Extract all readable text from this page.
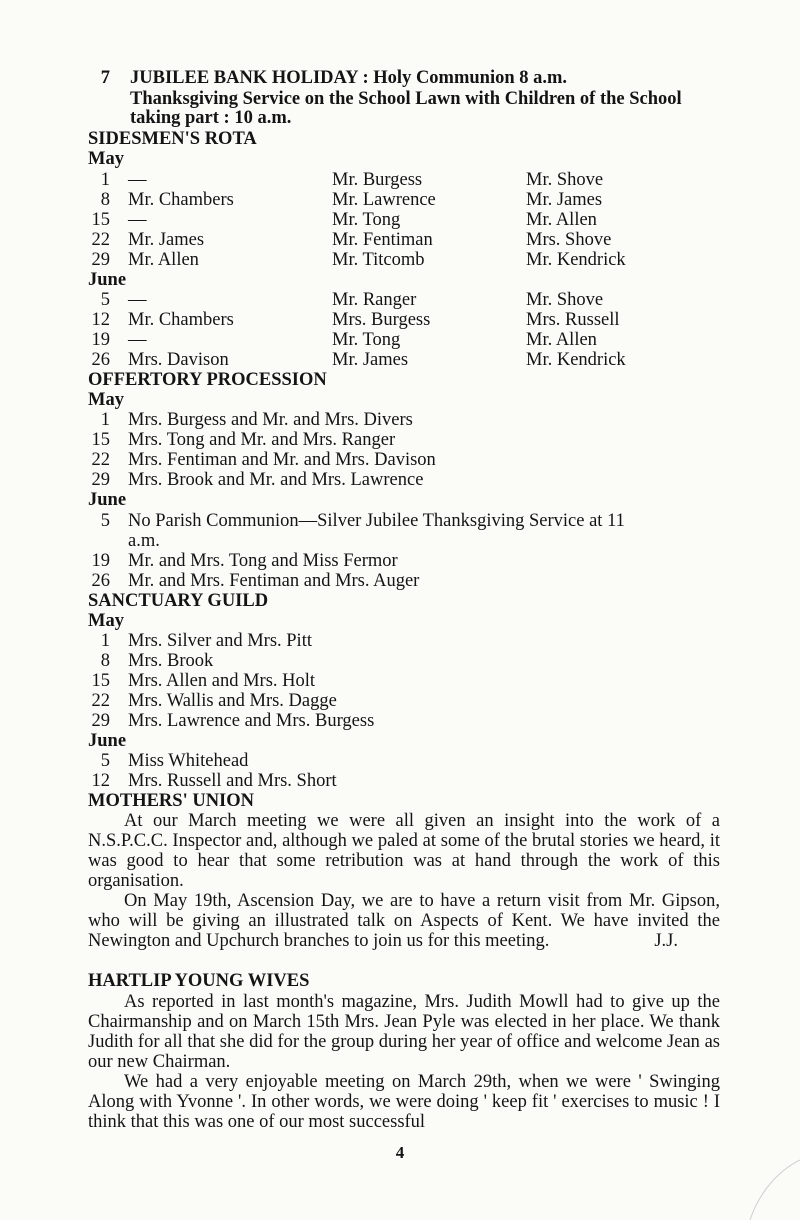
7 JUBILEE BANK HOLIDAY : Holy Communion 8 a.m.
Thanksgiving Service on the School Lawn with Children of the School
taking part : 10 a.m.
SIDESMEN'S ROTA
May
1 —	Mr. Burgess	Mr. Shove
8 Mr. Chambers	Mr. Lawrence	Mr. James
15 —	Mr. Tong	Mr. Allen
22 Mr. James	Mr. Fentiman	Mrs. Shove
29 Mr. Allen	Mr. Titcomb	Mr. Kendrick
June
5 —	Mr. Ranger	Mr. Shove
12 Mr. Chambers	Mrs. Burgess	Mrs. Russell
19 —	Mr. Tong	Mr. Allen
26 Mrs. Davison	Mr. James	Mr. Kendrick
OFFERTORY PROCESSION
May
1 Mrs. Burgess and Mr. and Mrs. Divers
15 Mrs. Tong and Mr. and Mrs. Ranger
22 Mrs. Fentiman and Mr. and Mrs. Davison
29 Mrs. Brook and Mr. and Mrs. Lawrence
June
5 No Parish Communion—Silver Jubilee Thanksgiving Service at 11
a.m.
19 Mr. and Mrs. Tong and Miss Fermor
26 Mr. and Mrs. Fentiman and Mrs. Auger
SANCTUARY GUILD
May
1 Mrs. Silver and Mrs. Pitt
8 Mrs. Brook
15 Mrs. Allen and Mrs. Holt
22 Mrs. Wallis and Mrs. Dagge
29 Mrs. Lawrence and Mrs. Burgess
June
5 Miss Whitehead
12 Mrs. Russell and Mrs. Short
MOTHERS' UNION
At our March meeting we were all given an insight into the work of a N.S.P.C.C. Inspector and, although we paled at some of the brutal stories we heard, it was good to hear that some retribution was at hand through the work of this organisation.
On May 19th, Ascension Day, we are to have a return visit from Mr. Gipson, who will be giving an illustrated talk on Aspects of Kent. We have invited the Newington and Upchurch branches to join us for this meeting.	J.J.
HARTLIP YOUNG WIVES
As reported in last month's magazine, Mrs. Judith Mowll had to give up the Chairmanship and on March 15th Mrs. Jean Pyle was elected in her place. We thank Judith for all that she did for the group during her year of office and welcome Jean as our new Chairman.
We had a very enjoyable meeting on March 29th, when we were ' Swinging Along with Yvonne '. In other words, we were doing ' keep fit ' exercises to music ! I think that this was one of our most successful
4
